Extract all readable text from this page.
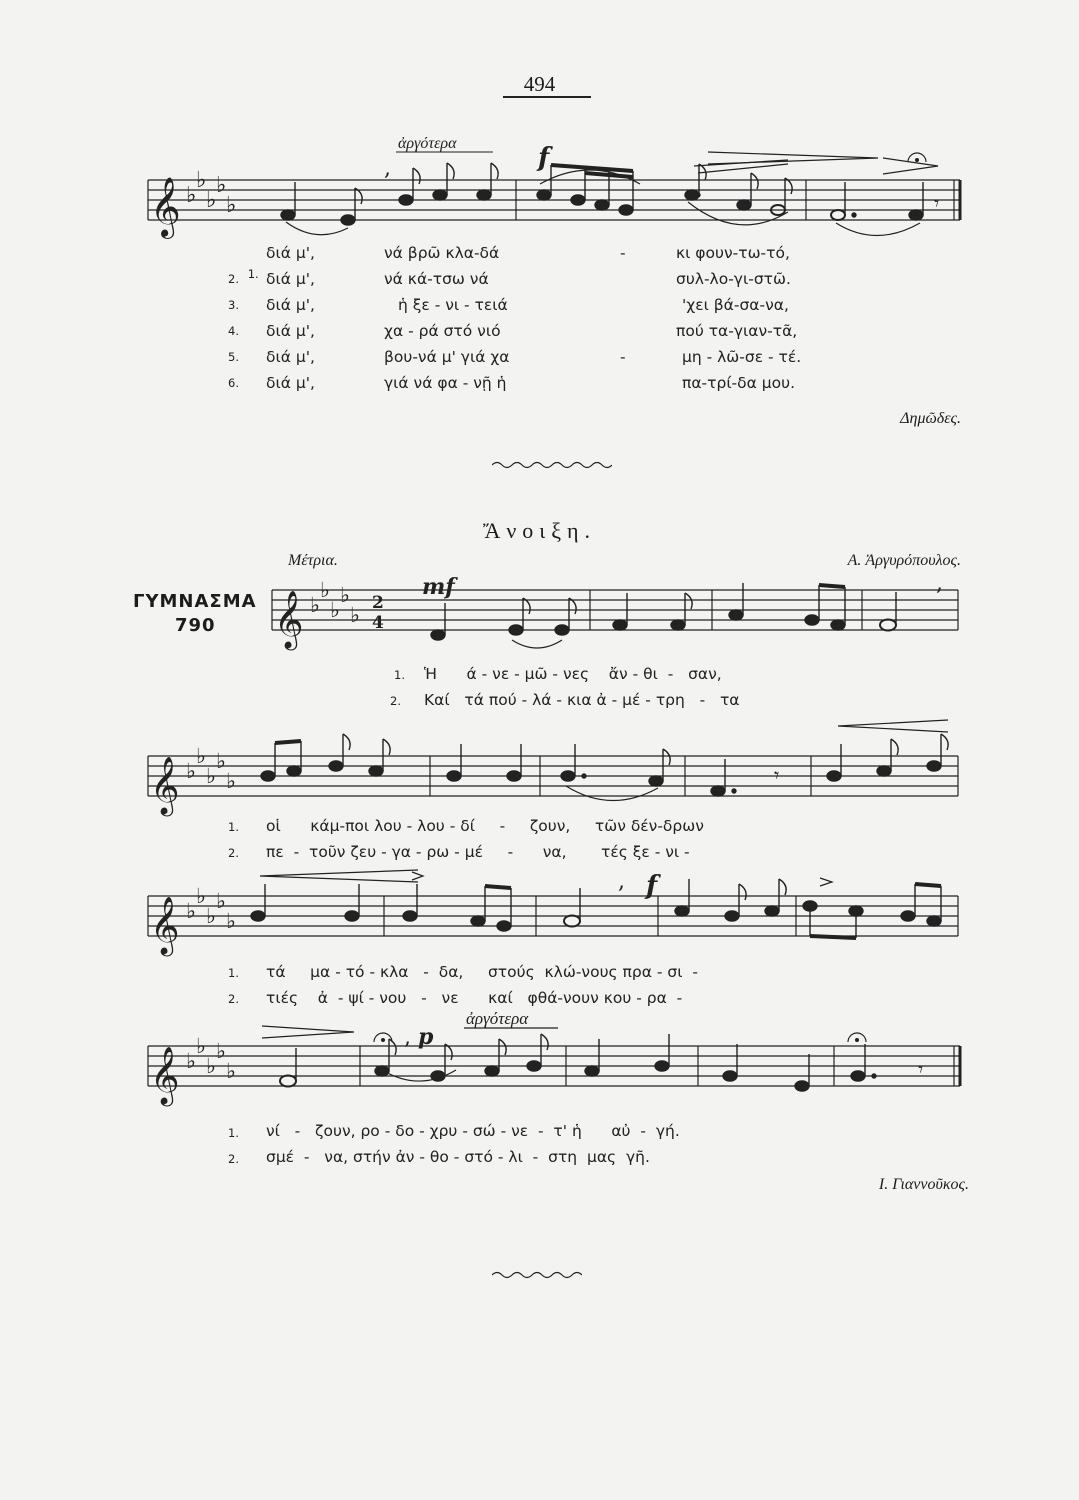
494
𝄞 ♭
♭
♭
♭
♭
,
𝄾
ἀργότερα	f

1.

διά μ',	νά βρῶ κλα-δά	-	κι φουν-τω-τό,
2. διά μ',	νά κά-τσω νά	συλ-λο-γι-στῶ.
3. διά μ',	ἡ ξε - νι - τειά	'χει βά-σα-να,
4. διά μ',	χα - ρά στό νιό	πού τα-γιαν-τᾶ,
5. διά μ',	βου-νά μ' γιά χα	-	μη - λῶ-σε - τέ.
6. διά μ',	γιά νά φα - νῇ ἡ	πα-τρί-δα μου.
Δημῶδες.
Ἄνοιξη.
Μέτρια.	Α. Ἀργυρόπουλος.
ΓΥΜΝΑΣΜΑ
790 𝄞 ♭
♭
♭
♭
♭ 2
4
mf	,
1. Ἡ      ά - νε - μῶ - νες    ἄν - θι  -   σαν,
2. Καί   τά πού - λά - κια ἀ - μέ - τρη   -   τα
𝄞 ♭
♭
♭
♭
♭	𝄾
1. οἱ      κάμ-ποι λου - λου - δί     -     ζουν,     τῶν δέν-δρων
2. πε  -  τοῦν ζευ - γα - ρω - μέ     -      να,       τές ξε - νι -
𝄞 ♭
♭
♭
♭
♭
, f
1. τά     μα - τό - κλα   -  δα,     στούς  κλώ-νους πρα - σι  -
2. τιές    ἀ  - ψί - νου   -   νε      καί   φθά-νουν κου - ρα  -
𝄞 ♭
♭
♭
♭
♭
, p
ἀργότερα
𝄾
1. νί   -   ζουν, ρο - δο - χρυ - σώ - νε  -  τ' ἡ      αὐ  -  γή.
2. σμέ  -   να, στήν ἀν - θο - στό - λι  -  στη  μας  γῆ.
Ι. Γιαννοῦκος.
